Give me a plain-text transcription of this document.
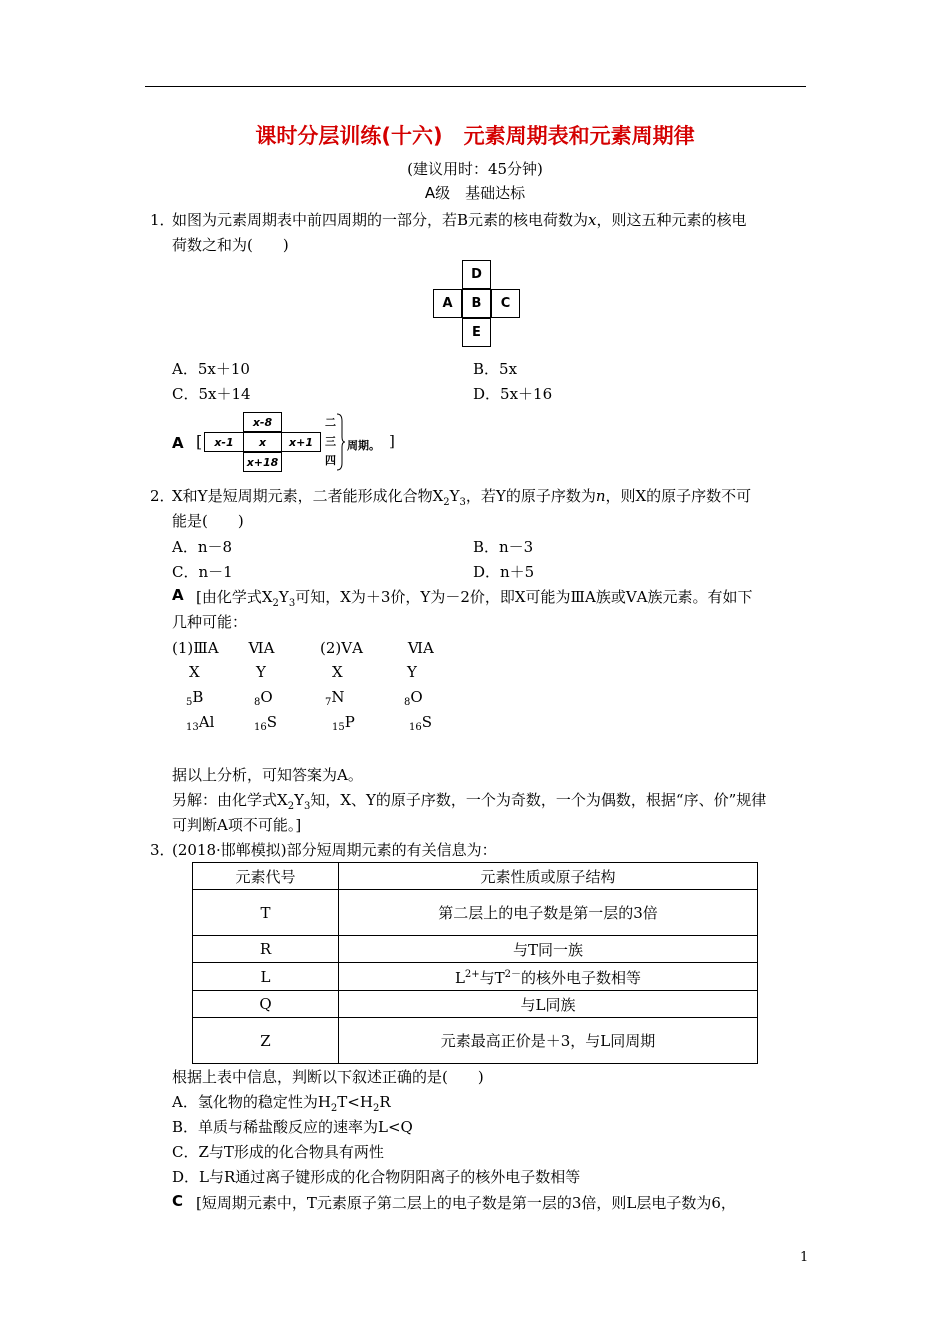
课时分层训练(十六)　元素周期表和元素周期律
(建议用时：45分钟)
A级　基础达标
1．
如图为元素周期表中前四周期的一部分，若B元素的核电荷数为x，则这五种元素的核电
荷数之和为(　　)
D
A	B	C
E
A．5x＋10	B．5x
C．5x＋14	D．5x＋16
A [
x-8
x-1	x	x+1
x+18
二
三
四
周期。 ]
2．
X和Y是短周期元素，二者能形成化合物$X_2Y_3$，若Y的原子序数为n，则X的原子序数不可
能是(　　)
A．n－8	B．n－3
C．n－1	D．n＋5
A [由化学式$X_2Y_3$可知，X为＋3价，Y为－2价，即X可能为ⅢA族或ⅤA族元素。有如下
几种可能：
(1)ⅢA　　ⅥA	(2)ⅤA　　　ⅥA
X	Y	X	Y
$_5$B	$_8$O	$_7$N	$_8$O
$_{13}$Al	$_{16}$S	$_{15}$P	$_{16}$S
据以上分析，可知答案为A。
另解：由化学式$X_2Y_3$知，X、Y的原子序数，一个为奇数，一个为偶数，根据“序、价”规律
可判断A项不可能。]
3．
(2018·邯郸模拟)部分短周期元素的有关信息为：
元素代号	元素性质或原子结构
T	第二层上的电子数是第一层的3倍
R	与T同一族
L	$L^{2+}$与$T^{2-}$的核外电子数相等
Q	与L同族
Z	元素最高正价是＋3，与L同周期
根据上表中信息，判断以下叙述正确的是(　　)
A．氢化物的稳定性为$H_2T<H_2R$
B．单质与稀盐酸反应的速率为L<Q
C．Z与T形成的化合物具有两性
D．L与R通过离子键形成的化合物阴阳离子的核外电子数相等
C [短周期元素中，T元素原子第二层上的电子数是第一层的3倍，则L层电子数为6，
1
